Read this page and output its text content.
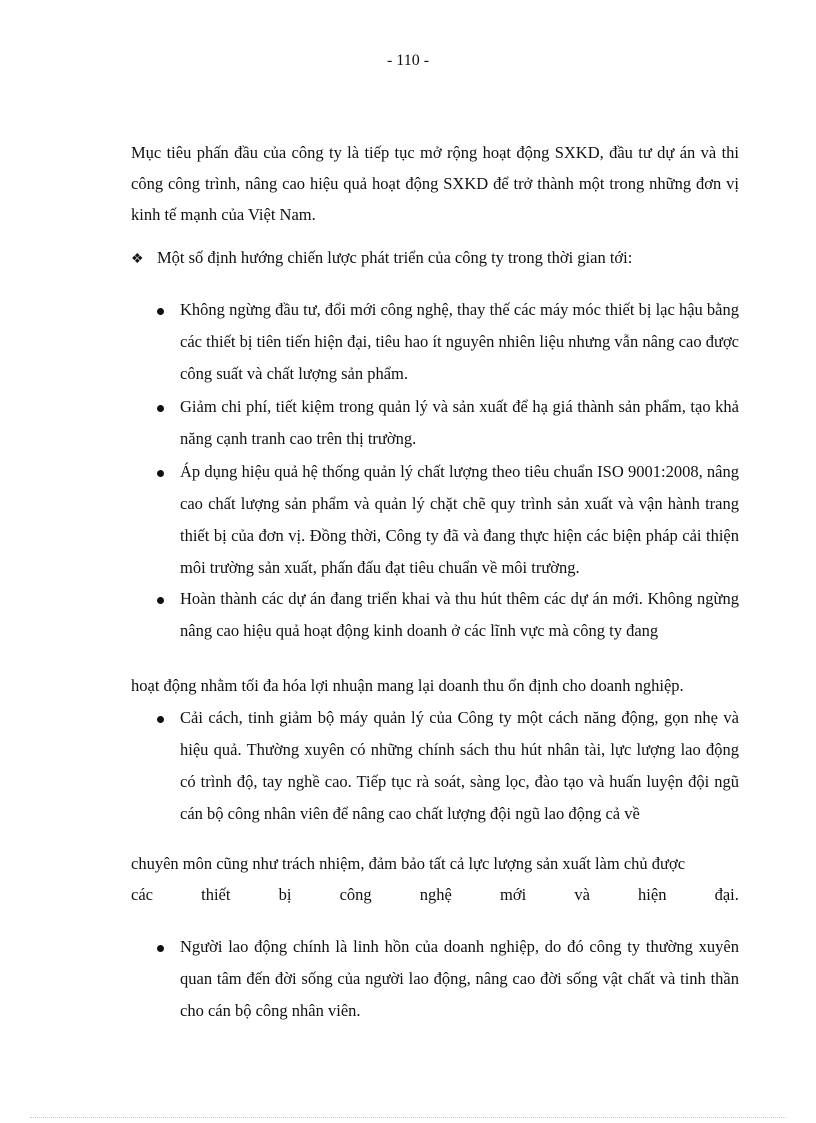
- 110 -
Mục tiêu phấn đầu của công ty là tiếp tục mở rộng hoạt động SXKD, đầu tư dự án và thi công công trình, nâng cao hiệu quả hoạt động SXKD để trở thành một trong những đơn vị kinh tế mạnh của Việt Nam.
❖ Một số định hướng chiến lược phát triển của công ty trong thời gian tới:
Không ngừng đầu tư, đổi mới công nghệ, thay thế các máy móc thiết bị lạc hậu bằng các thiết bị tiên tiến hiện đại, tiêu hao ít nguyên nhiên liệu nhưng vẫn nâng cao được công suất và chất lượng sản phẩm.
Giảm chi phí, tiết kiệm trong quản lý và sản xuất để hạ giá thành sản phẩm, tạo khả năng cạnh tranh cao trên thị trường.
Áp dụng hiệu quả hệ thống quản lý chất lượng theo tiêu chuẩn ISO 9001:2008, nâng cao chất lượng sản phẩm và quản lý chặt chẽ quy trình sản xuất và vận hành trang thiết bị của đơn vị. Đồng thời, Công ty đã và đang thực hiện các biện pháp cải thiện môi trường sản xuất, phấn đấu đạt tiêu chuẩn về môi trường.
Hoàn thành các dự án đang triển khai và thu hút thêm các dự án mới. Không ngừng nâng cao hiệu quả hoạt động kinh doanh ở các lĩnh vực mà công ty đang
hoạt động nhằm tối đa hóa lợi nhuận mang lại doanh thu ổn định cho doanh nghiệp.
Cải cách, tinh giảm bộ máy quản lý của Công ty một cách năng động, gọn nhẹ và hiệu quả. Thường xuyên có những chính sách thu hút nhân tài, lực lượng lao động có trình độ, tay nghề cao. Tiếp tục rà soát, sàng lọc, đào tạo và huấn luyện đội ngũ cán bộ công nhân viên để nâng cao chất lượng đội ngũ lao động cả về
chuyên môn cũng như trách nhiệm, đảm bảo tất cả lực lượng sản xuất làm chủ được
các	thiết	bị	công	nghệ	mới	và	hiện	đại.
Người lao động chính là linh hồn của doanh nghiệp, do đó công ty thường xuyên quan tâm đến đời sống của người lao động, nâng cao đời sống vật chất và tinh thần cho cán bộ công nhân viên.
